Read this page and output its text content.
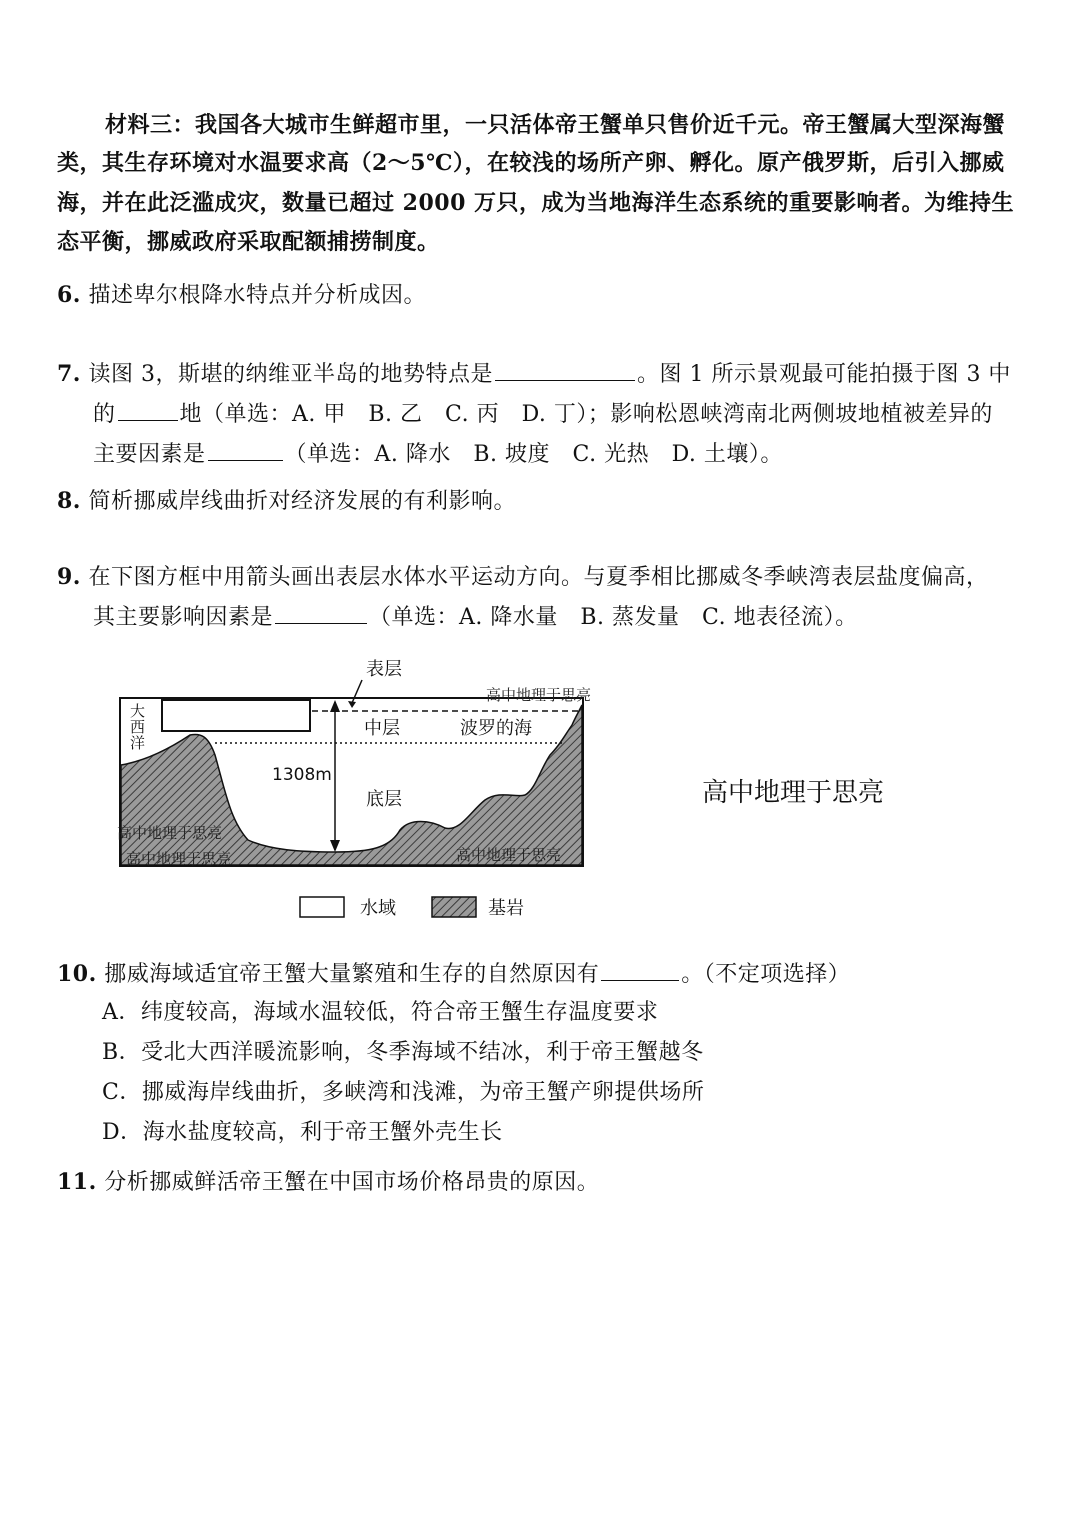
材料三：我国各大城市生鲜超市里，一只活体帝王蟹单只售价近千元。帝王蟹属大型深海蟹
类，其生存环境对水温要求高（2～5℃），在较浅的场所产卵、孵化。原产俄罗斯，后引入挪威
海，并在此泛滥成灾，数量已超过 2000 万只，成为当地海洋生态系统的重要影响者。为维持生
态平衡，挪威政府采取配额捕捞制度。
6. 描述卑尔根降水特点并分析成因。
7. 读图 3，斯堪的纳维亚半岛的地势特点是	。图 1 所示景观最可能拍摄于图 3 中
的	地（单选：A. 甲　B. 乙　C. 丙　D. 丁）；影响松恩峡湾南北两侧坡地植被差异的
主要因素是	（单选：A. 降水　B. 坡度　C. 光热　D. 土壤）。
8. 简析挪威岸线曲折对经济发展的有利影响。
9. 在下图方框中用箭头画出表层水体水平运动方向。与夏季相比挪威冬季峡湾表层盐度偏高，
其主要影响因素是	（单选：A. 降水量　B. 蒸发量　C. 地表径流）。
表层
中层	波罗的海
1308m
底层
大
西
洋
高中地理于思亮
高中地理于思亮
高中地理于思亮	高中地理于思亮
水域	基岩
高中地理于思亮
10. 挪威海域适宜帝王蟹大量繁殖和生存的自然原因有	。（不定项选择）
A．纬度较高，海域水温较低，符合帝王蟹生存温度要求
B．受北大西洋暖流影响，冬季海域不结冰，利于帝王蟹越冬
C．挪威海岸线曲折，多峡湾和浅滩，为帝王蟹产卵提供场所
D．海水盐度较高，利于帝王蟹外壳生长
11. 分析挪威鲜活帝王蟹在中国市场价格昂贵的原因。
